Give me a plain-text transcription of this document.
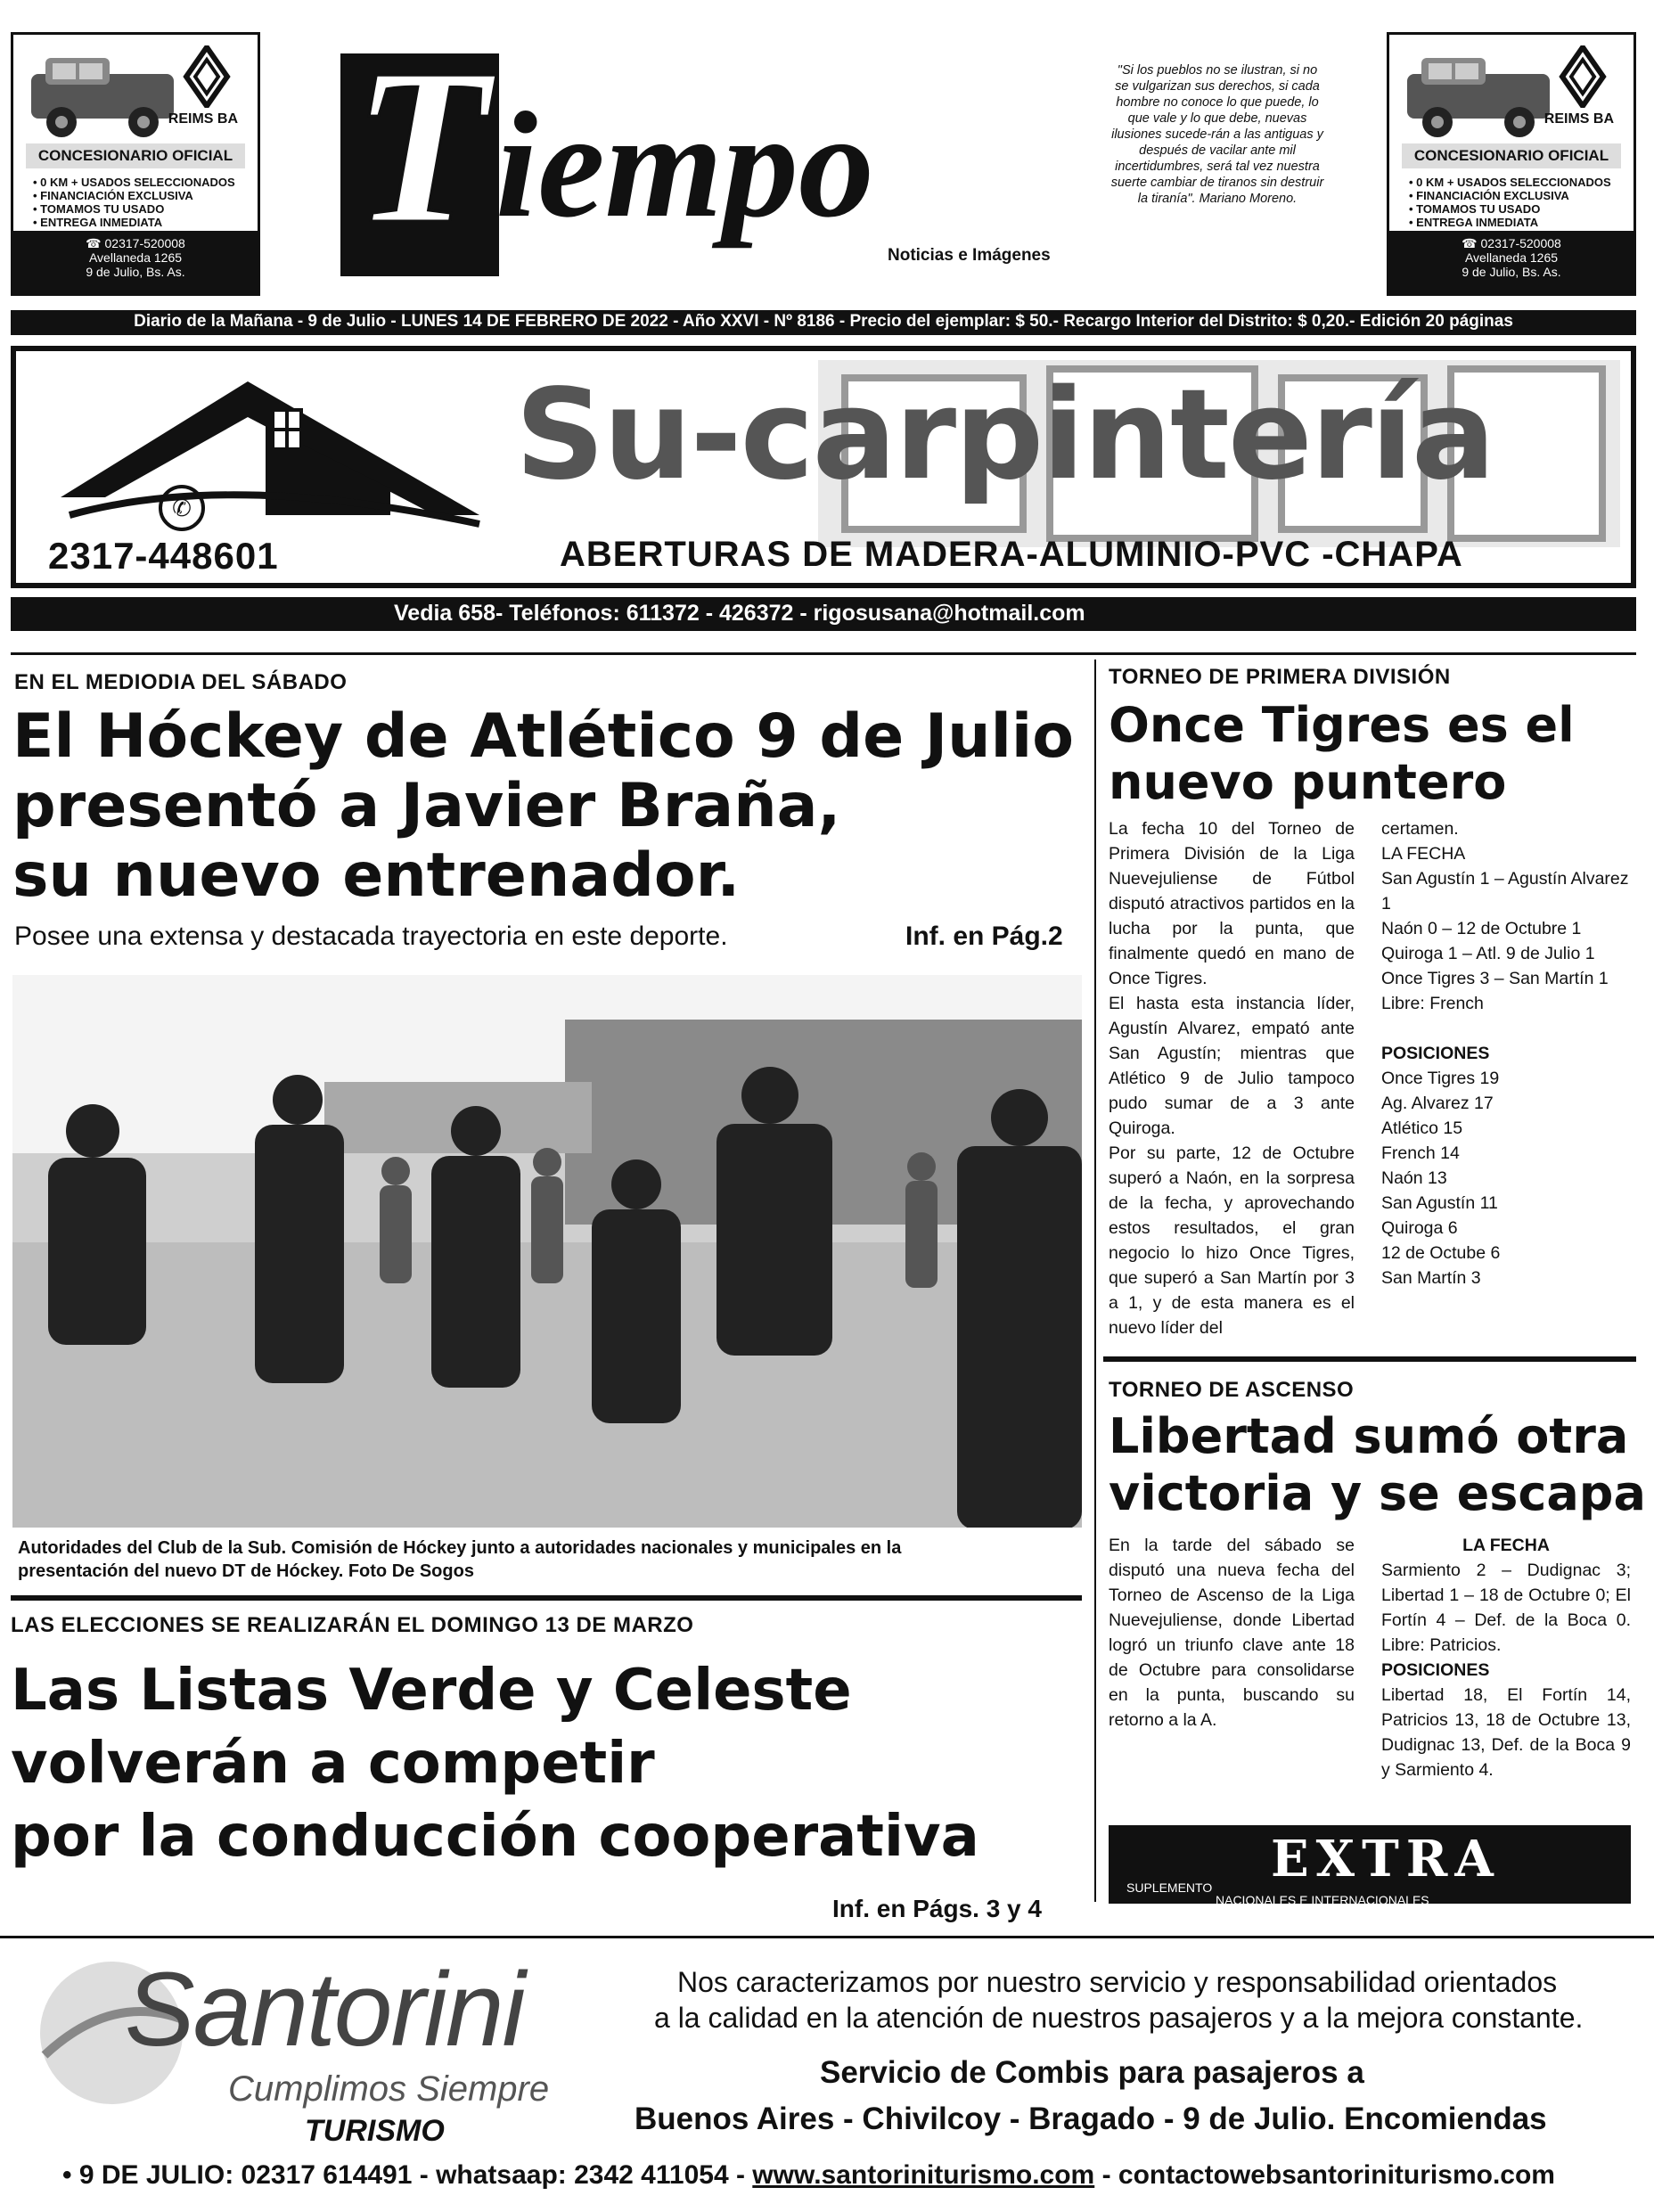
REIMS BA
CONCESIONARIO OFICIAL
• 0 KM + USADOS SELECCIONADOS
• FINANCIACIÓN EXCLUSIVA
• TOMAMOS TU USADO
• ENTREGA INMEDIATA
☎ 02317-520008
Avellaneda 1265
9 de Julio, Bs. As.
REIMS BA
CONCESIONARIO OFICIAL
• 0 KM + USADOS SELECCIONADOS
• FINANCIACIÓN EXCLUSIVA
• TOMAMOS TU USADO
• ENTREGA INMEDIATA
☎ 02317-520008
Avellaneda 1265
9 de Julio, Bs. As.
T iempo
Noticias e Imágenes
"Si los pueblos no se ilustran, si no se vulgarizan sus derechos, si cada hombre no conoce lo que puede, lo que vale y lo que debe, nuevas ilusiones sucede-rán a las antiguas y después de vacilar ante mil incertidumbres, será tal vez nuestra suerte cambiar de tiranos sin destruir la tiranía". Mariano Moreno.
Diario de la Mañana - 9 de Julio - LUNES 14 DE FEBRERO DE 2022 - Año XXVI - Nº 8186 - Precio del ejemplar: $ 50.- Recargo Interior del Distrito: $ 0,20.- Edición 20 páginas
Su-carpintería
✆
2317-448601	ABERTURAS DE MADERA-ALUMINIO-PVC -CHAPA
Vedia 658- Teléfonos: 611372 - 426372 - rigosusana@hotmail.com
EN EL MEDIODIA DEL SÁBADO
El Hóckey de Atlético 9 de Julio
presentó a Javier Braña,
su nuevo entrenador.
Posee una extensa y destacada trayectoria en este deporte.	Inf. en Pág.2
Autoridades del Club de la Sub. Comisión de Hóckey junto a autoridades nacionales y municipales en la
presentación del nuevo DT de Hóckey. Foto De Sogos
LAS ELECCIONES SE REALIZARÁN EL DOMINGO 13 DE MARZO
Las Listas Verde y Celeste
volverán a competir
por la conducción cooperativa
Inf. en Págs. 3 y 4
TORNEO DE PRIMERA DIVISIÓN
Once Tigres es el
nuevo puntero

La fecha 10 del Torneo de Primera División de la Liga Nuevejuliense de Fútbol disputó atractivos partidos en la lucha por la punta, que finalmente quedó en mano de Once Tigres.

El hasta esta instancia líder, Agustín Alvarez, empató ante San Agustín; mientras que Atlético 9 de Julio tampoco pudo sumar de a 3 ante Quiroga.

Por su parte, 12 de Octubre superó a Naón, en la sorpresa de la fecha, y aprovechando estos resultados, el gran negocio lo hizo Once Tigres, que superó a San Martín por 3 a 1, y de esta manera es el nuevo líder del

certamen.
LA FECHA
San Agustín 1 – Agustín Alvarez 1
Naón 0 – 12 de Octubre 1
Quiroga 1 – Atl. 9 de Julio 1
Once Tigres 3 – San Martín 1
Libre: French
POSICIONES
Once Tigres 19
Ag. Alvarez 17
Atlético 15
French 14
Naón 13
San Agustín 11
Quiroga 6
12 de Octube 6
San Martín 3
TORNEO DE ASCENSO
Libertad sumó otra
victoria y se escapa

En la tarde del sábado se disputó una nueva fecha del Torneo de Ascenso de la Liga Nuevejuliense, donde Libertad logró un triunfo clave ante 18 de Octubre para consolidarse en la punta, buscando su retorno a la A.

LA FECHA

Sarmiento 2 – Dudignac 3; Libertad 1 – 18 de Octubre 0; El Fortín 4 – Def. de la Boca 0. Libre: Patricios.

POSICIONES

Libertad 18, El Fortín 14, Patricios 13, 18 de Octubre 13, Dudignac 13, Def. de la Boca 9 y Sarmiento 4.

EXTRA
SUPLEMENTO
NACIONALES E INTERNACIONALES
Santorini
Cumplimos Siempre
TURISMO
Nos caracterizamos por nuestro servicio y responsabilidad orientados
a la calidad en la atención de nuestros pasajeros y a la mejora constante.
Servicio de Combis para pasajeros a
Buenos Aires - Chivilcoy - Bragado - 9 de Julio. Encomiendas
• 9 DE JULIO: 02317 614491 - whatsaap: 2342 411054 - www.santorinituris​mo.com - contactowebsantorinituris​mo.com
